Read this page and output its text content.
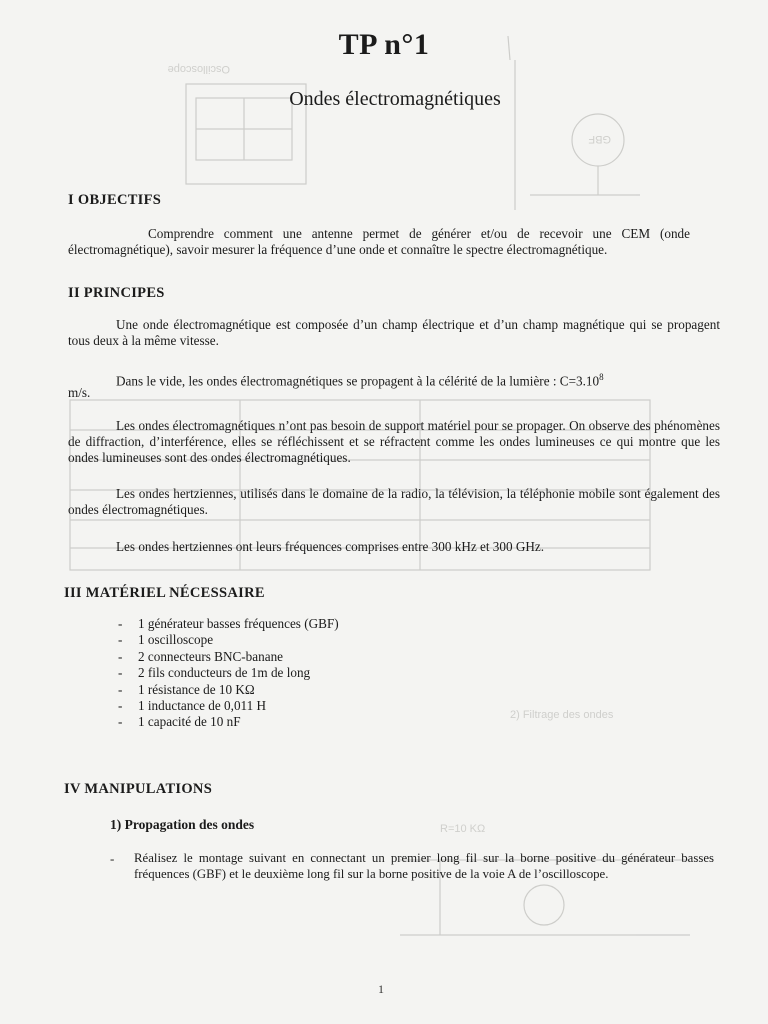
Oscilloscope
GBF
2) Filtrage des ondes
R=10 KΩ
TP n°1
Ondes électromagnétiques
I OBJECTIFS
Comprendre comment une antenne permet de générer et/ou de recevoir une CEM (onde électromagnétique), savoir mesurer la fréquence d’une onde et connaître le spectre électromagnétique.
II PRINCIPES
Une onde électromagnétique est composée d’un champ électrique et d’un champ magnétique qui se propagent tous deux à la même vitesse.
Dans le vide, les ondes électromagnétiques se propagent à la célérité de la lumière : $C=3.10^8$
m/s.
Les ondes électromagnétiques n’ont pas besoin de support matériel pour se propager. On observe des phénomènes de diffraction, d’interférence, elles se réfléchissent et se réfractent comme les ondes lumineuses ce qui montre que les ondes lumineuses sont des ondes électromagnétiques.
Les ondes hertziennes, utilisés dans le domaine de la radio, la télévision, la téléphonie mobile sont également des ondes électromagnétiques.
Les ondes hertziennes ont leurs fréquences comprises entre 300 kHz et 300 GHz.
III MATÉRIEL NÉCESSAIRE
- 1 générateur basses fréquences (GBF)
- 1 oscilloscope
- 2 connecteurs BNC-banane
- 2 fils conducteurs de 1m de long
- 1 résistance de 10 KΩ
- 1 inductance de 0,011 H
- 1 capacité de 10 nF
IV MANIPULATIONS
1) Propagation des ondes
- Réalisez le montage suivant en connectant un premier long fil sur la borne positive du générateur basses fréquences (GBF) et le deuxième long fil sur la borne positive de la voie A de l’oscilloscope.
1
